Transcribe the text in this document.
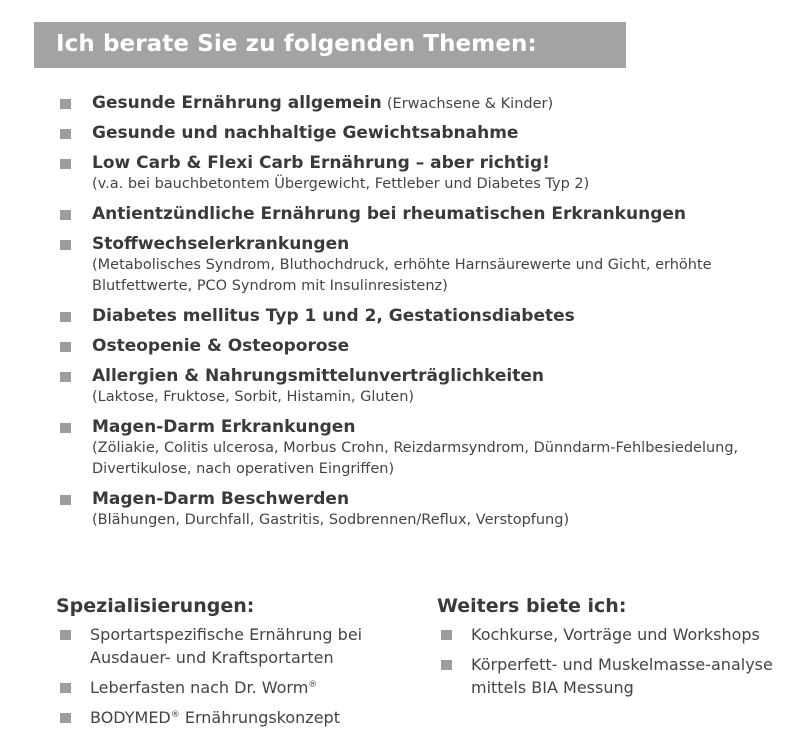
Ich berate Sie zu folgenden Themen:
Gesunde Ernährung allgemein (Erwachsene & Kinder)
Gesunde und nachhaltige Gewichtsabnahme
Low Carb & Flexi Carb Ernährung – aber richtig!
(v.a. bei bauchbetontem Übergewicht, Fettleber und Diabetes Typ 2)
Antientzündliche Ernährung bei rheumatischen Erkrankungen
Stoffwechselerkrankungen
(Metabolisches Syndrom, Bluthochdruck, erhöhte Harnsäurewerte und Gicht, erhöhte Blutfettwerte, PCO Syndrom mit Insulinresistenz)
Diabetes mellitus Typ 1 und 2, Gestationsdiabetes
Osteopenie & Osteoporose
Allergien & Nahrungsmittelunverträglichkeiten
(Laktose, Fruktose, Sorbit, Histamin, Gluten)
Magen-Darm Erkrankungen
(Zöliakie, Colitis ulcerosa, Morbus Crohn, Reizdarmsyndrom, Dünndarm-Fehlbesiedelung, Divertikulose, nach operativen Eingriffen)
Magen-Darm Beschwerden
(Blähungen, Durchfall, Gastritis, Sodbrennen/Reflux, Verstopfung)
Spezialisierungen:
Sportartspezifische Ernährung bei Ausdauer- und Kraftsportarten
Leberfasten nach Dr. Worm®
BODYMED® Ernährungskonzept
Weiters biete ich:
Kochkurse, Vorträge und Workshops
Körperfett- und Muskelmasse-analyse mittels BIA Messung
